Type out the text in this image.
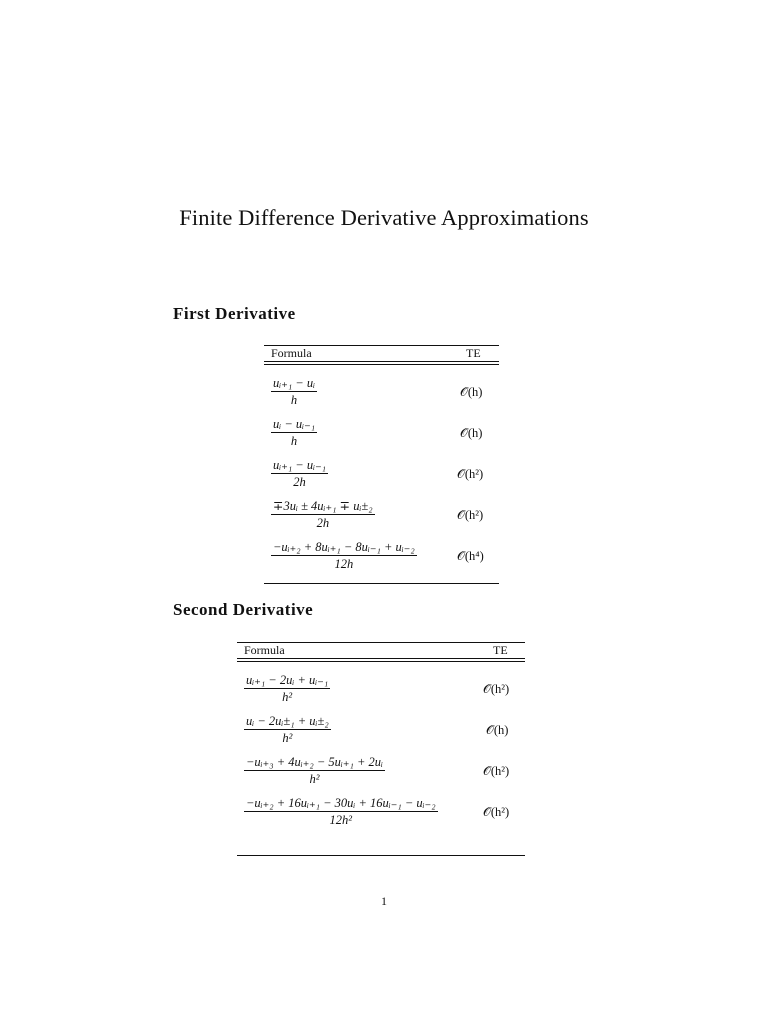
Finite Difference Derivative Approximations
First Derivative
Formula	TE
uᵢ₊₁ − uᵢ
h
𝒪(h)
uᵢ − uᵢ₋₁
h
𝒪(h)
uᵢ₊₁ − uᵢ₋₁
2h
𝒪(h²)
∓3uᵢ ± 4uᵢ₊₁ ∓ uᵢ±₂
2h
𝒪(h²)
−uᵢ₊₂ + 8uᵢ₊₁ − 8uᵢ₋₁ + uᵢ₋₂
12h
𝒪(h⁴)
Second Derivative
Formula	TE
uᵢ₊₁ − 2uᵢ + uᵢ₋₁
h²
𝒪(h²)
uᵢ − 2uᵢ±₁ + uᵢ±₂
h²
𝒪(h)
−uᵢ₊₃ + 4uᵢ₊₂ − 5uᵢ₊₁ + 2uᵢ
h²
𝒪(h²)
−uᵢ₊₂ + 16uᵢ₊₁ − 30uᵢ + 16uᵢ₋₁ − uᵢ₋₂
12h²
𝒪(h²)
1
